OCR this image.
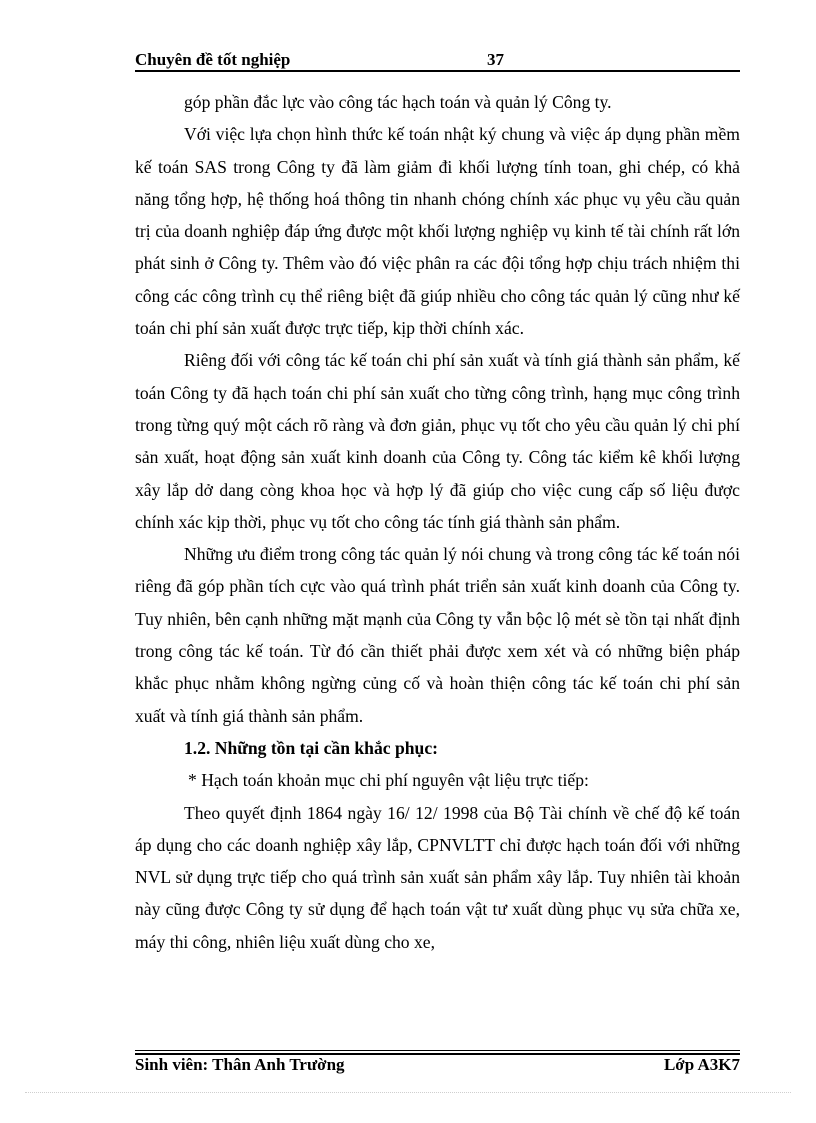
Chuyên đề tốt nghiệp	37

góp phần đắc lực vào công tác hạch toán và quản lý Công ty.

Với việc lựa chọn hình thức kế toán nhật ký chung và việc áp dụng phần mềm kế toán SAS trong Công ty đã làm giảm đi khối lượng tính toan, ghi chép, có khả năng tổng hợp, hệ thống hoá thông tin nhanh chóng chính xác phục vụ yêu cầu quản trị của doanh nghiệp đáp ứng được một khối lượng nghiệp vụ kinh tế tài chính rất lớn phát sinh ở Công ty. Thêm vào đó việc phân ra các đội tổng hợp chịu trách nhiệm thi công các công trình cụ thể riêng biệt đã giúp nhiều cho công tác quản lý cũng như kế toán chi phí sản xuất được trực tiếp, kịp thời chính xác.

Riêng đối với công tác kế toán chi phí sản xuất và tính giá thành sản phẩm, kế toán Công ty đã hạch toán chi phí sản xuất cho từng công trình, hạng mục công trình trong từng quý một cách rõ ràng và đơn giản, phục vụ tốt cho yêu cầu quản lý chi phí sản xuất, hoạt động sản xuất kinh doanh của Công ty. Công tác kiểm kê khối lượng xây lắp dở dang còng khoa học và hợp lý đã giúp cho việc cung cấp số liệu được chính xác kịp thời, phục vụ tốt cho công tác tính giá thành sản phẩm.

Những ưu điểm trong công tác quản lý nói chung và trong công tác kế toán nói riêng đã góp phần tích cực vào quá trình phát triển sản xuất kinh doanh của Công ty. Tuy nhiên, bên cạnh những mặt mạnh của Công ty vẫn bộc lộ mét sè tồn tại nhất định trong công tác kế toán. Từ đó cần thiết phải được xem xét và có những biện pháp khắc phục nhằm không ngừng củng cố và hoàn thiện công tác kế toán chi phí sản xuất và tính giá thành sản phẩm.

1.2. Những tồn tại cần khắc phục:

* Hạch toán khoản mục chi phí nguyên vật liệu trực tiếp:

Theo quyết định 1864 ngày 16/ 12/ 1998 của Bộ Tài chính về chế độ kế toán áp dụng cho các doanh nghiệp xây lắp, CPNVLTT chỉ được hạch toán đối với những NVL sử dụng trực tiếp cho quá trình sản xuất sản phẩm xây lắp. Tuy nhiên tài khoản này cũng được Công ty sử dụng để hạch toán vật tư xuất dùng phục vụ sửa chữa xe, máy thi công, nhiên liệu xuất dùng cho xe,

Sinh viên: Thân Anh Trường	Lớp A3K7
